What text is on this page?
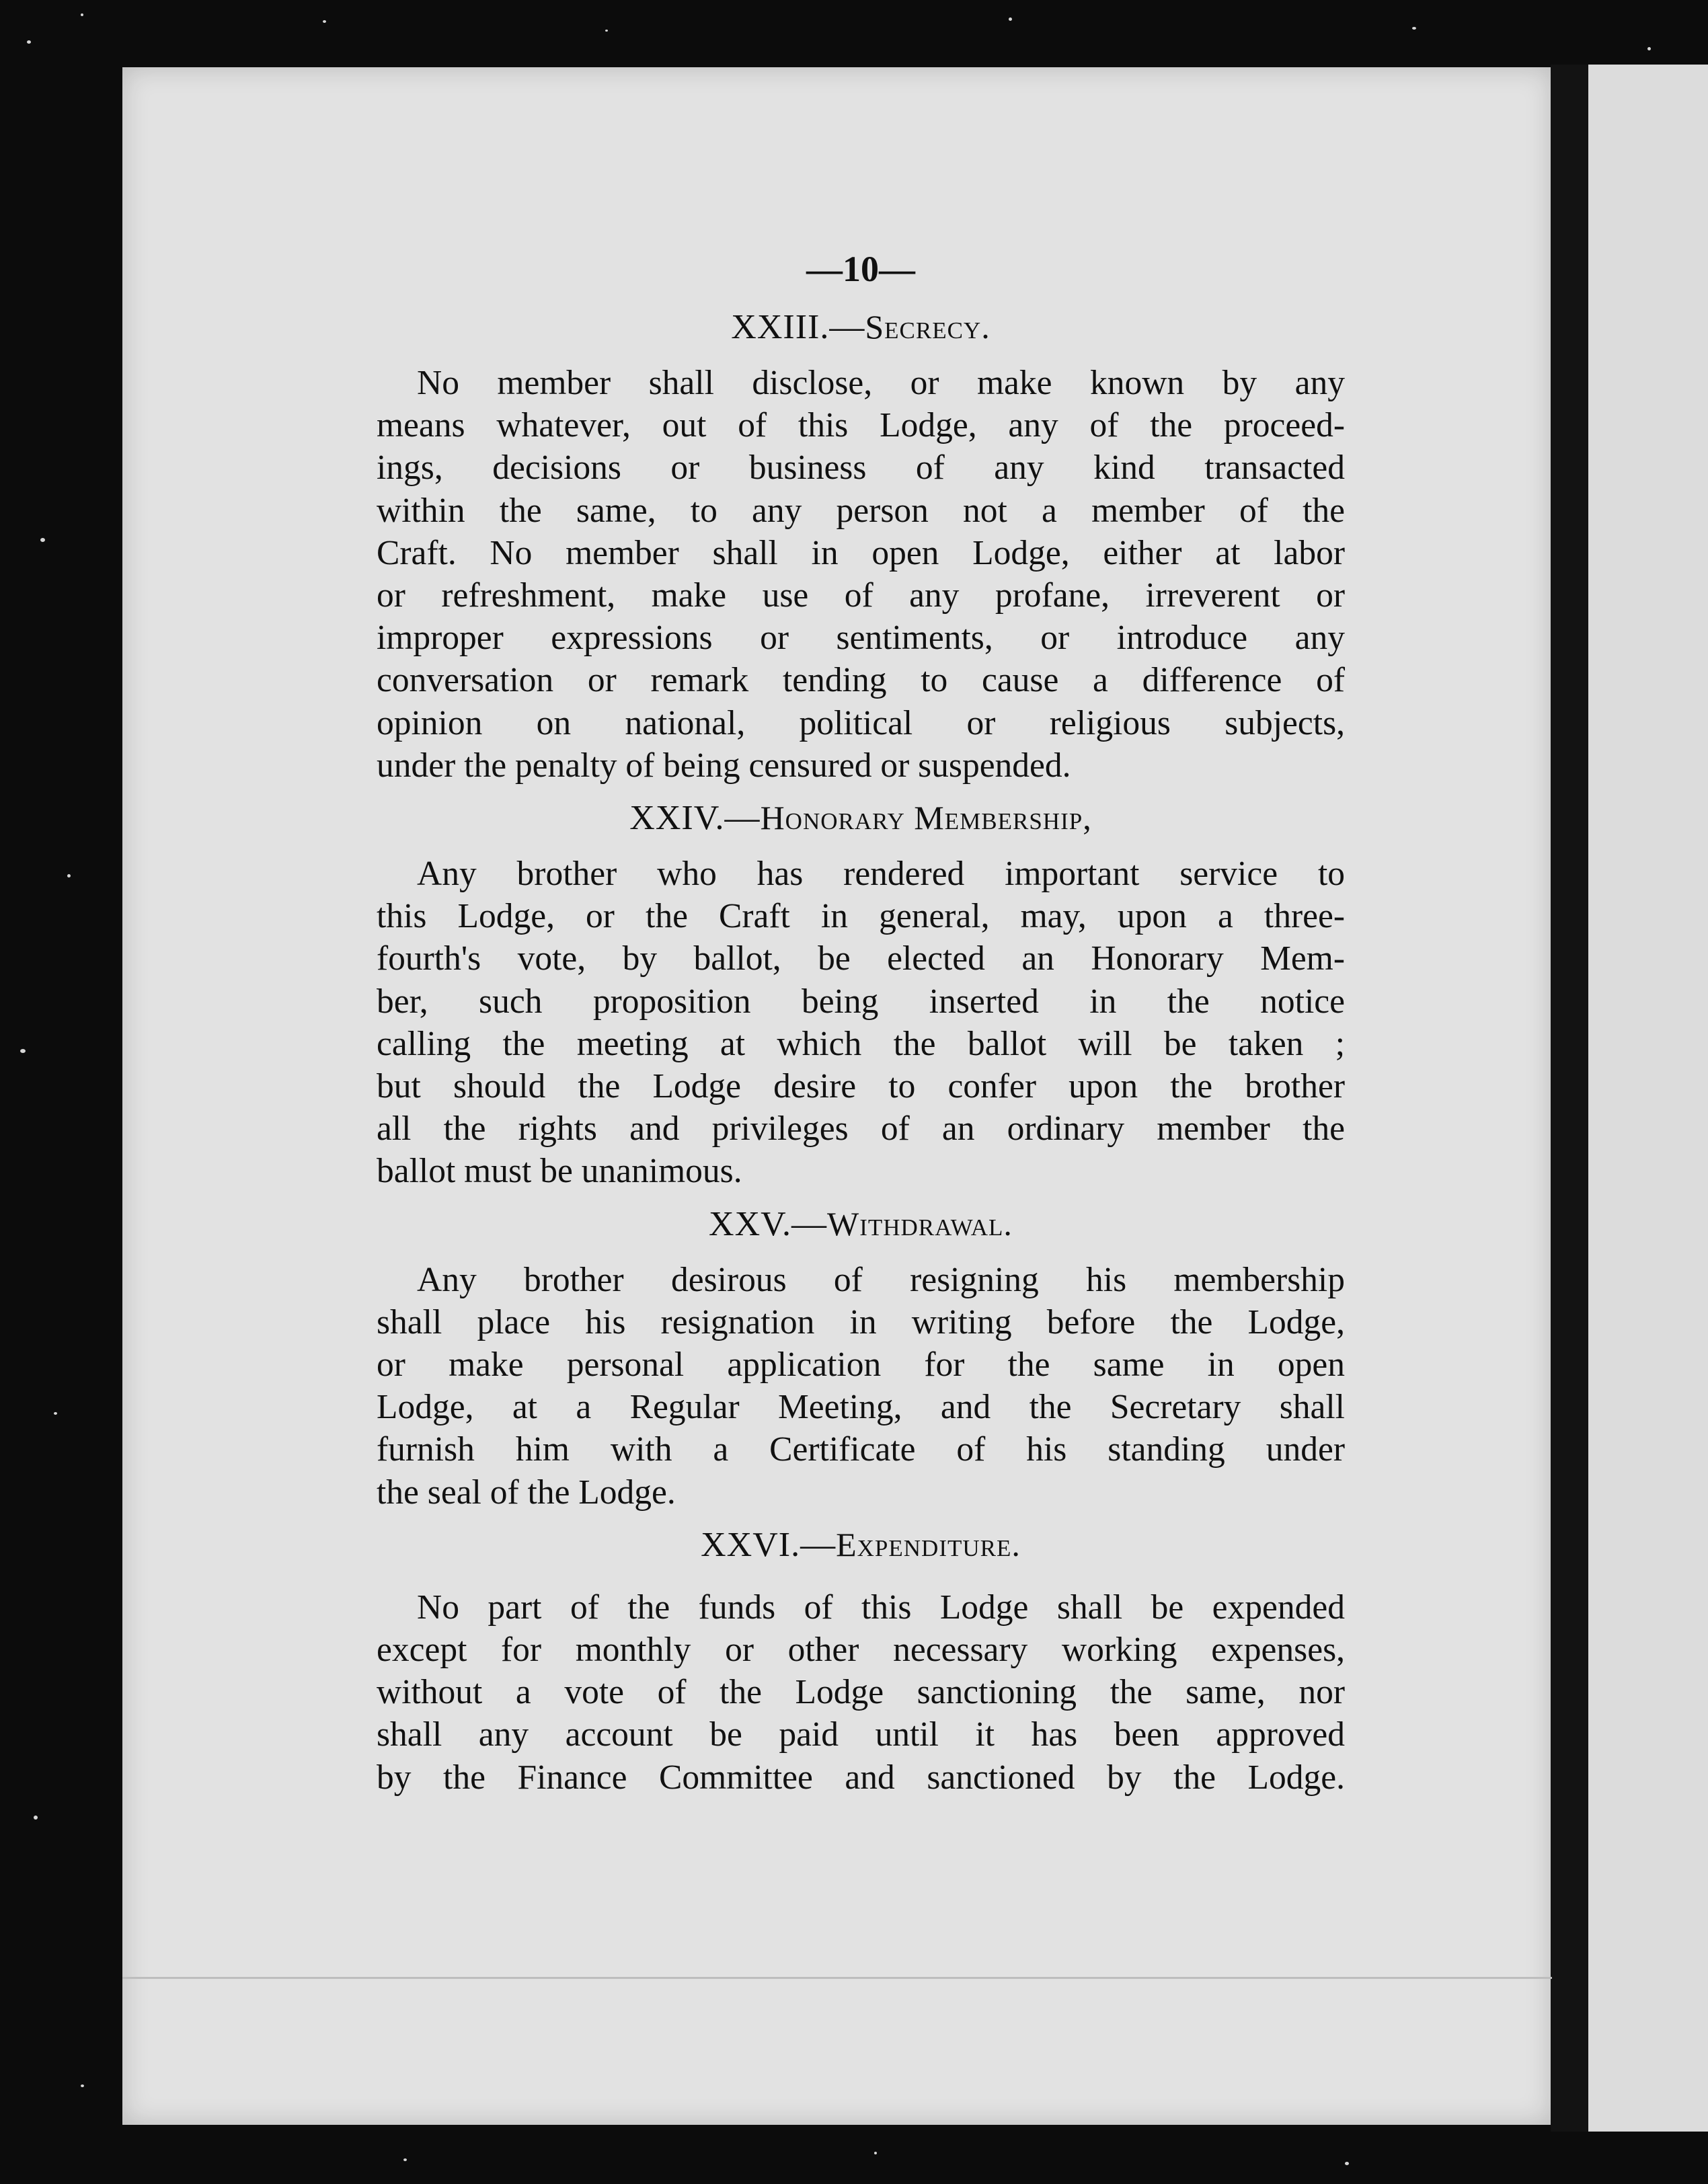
—10—
XXIII.—Secrecy.
No member shall disclose, or make known by any
means whatever, out of this Lodge, any of the proceed-
ings, decisions or business of any kind transacted
within the same, to any person not a member of the
Craft. No member shall in open Lodge, either at labor
or refreshment, make use of any profane, irreverent or
improper expressions or sentiments, or introduce any
conversation or remark tending to cause a difference of
opinion on national, political or religious subjects,
under the penalty of being censured or suspended.
XXIV.—Honorary Membership,
Any brother who has rendered important service to
this Lodge, or the Craft in general, may, upon a three-
fourth's vote, by ballot, be elected an Honorary Mem-
ber, such proposition being inserted in the notice
calling the meeting at which the ballot will be taken ;
but should the Lodge desire to confer upon the brother
all the rights and privileges of an ordinary member the
ballot must be unanimous.
XXV.—Withdrawal.
Any brother desirous of resigning his membership
shall place his resignation in writing before the Lodge,
or make personal application for the same in open
Lodge, at a Regular Meeting, and the Secretary shall
furnish him with a Certificate of his standing under
the seal of the Lodge.
XXVI.—Expenditure.
No part of the funds of this Lodge shall be expended
except for monthly or other necessary working expenses,
without a vote of the Lodge sanctioning the same, nor
shall any account be paid until it has been approved
by the Finance Committee and sanctioned by the Lodge.
